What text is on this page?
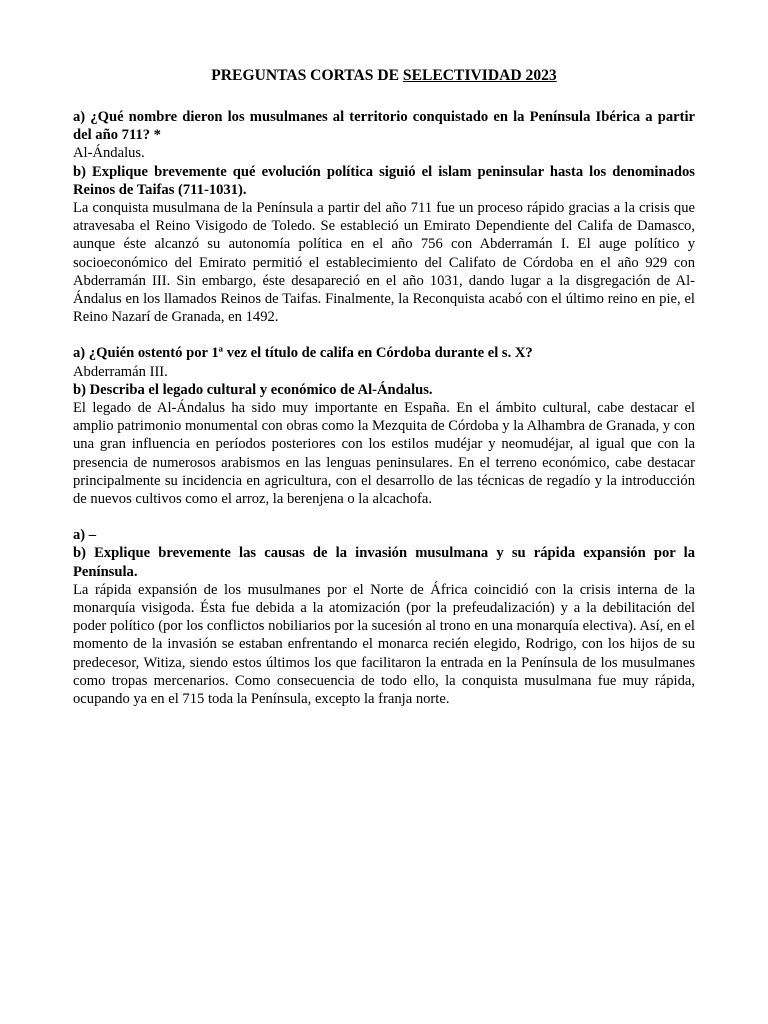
PREGUNTAS CORTAS DE SELECTIVIDAD 2023

a) ¿Qué nombre dieron los musulmanes al territorio conquistado en la Península Ibérica a partir del año 711? *

Al-Ándalus.

b) Explique brevemente qué evolución política siguió el islam peninsular hasta los denominados Reinos de Taifas (711-1031).

La conquista musulmana de la Península a partir del año 711 fue un proceso rápido gracias a la crisis que atravesaba el Reino Visigodo de Toledo. Se estableció un Emirato Dependiente del Califa de Damasco, aunque éste alcanzó su autonomía política en el año 756 con Abderramán I. El auge político y socioeconómico del Emirato permitió el establecimiento del Califato de Córdoba en el año 929 con Abderramán III. Sin embargo, éste desapareció en el año 1031, dando lugar a la disgregación de Al-Ándalus en los llamados Reinos de Taifas. Finalmente, la Reconquista acabó con el último reino en pie, el Reino Nazarí de Granada, en 1492.

a) ¿Quién ostentó por 1ª vez el título de califa en Córdoba durante el s. X?

Abderramán III.

b) Describa el legado cultural y económico de Al-Ándalus.

El legado de Al-Ándalus ha sido muy importante en España. En el ámbito cultural, cabe destacar el amplio patrimonio monumental con obras como la Mezquita de Córdoba y la Alhambra de Granada, y con una gran influencia en períodos posteriores con los estilos mudéjar y neomudéjar, al igual que con la presencia de numerosos arabismos en las lenguas peninsulares. En el terreno económico, cabe destacar principalmente su incidencia en agricultura, con el desarrollo de las técnicas de regadío y la introducción de nuevos cultivos como el arroz, la berenjena o la alcachofa.

a) –

b) Explique brevemente las causas de la invasión musulmana y su rápida expansión por la Península.

La rápida expansión de los musulmanes por el Norte de África coincidió con la crisis interna de la monarquía visigoda. Ésta fue debida a la atomización (por la prefeudalización) y a la debilitación del poder político (por los conflictos nobiliarios por la sucesión al trono en una monarquía electiva). Así, en el momento de la invasión se estaban enfrentando el monarca recién elegido, Rodrigo, con los hijos de su predecesor, Witiza, siendo estos últimos los que facilitaron la entrada en la Península de los musulmanes como tropas mercenarios. Como consecuencia de todo ello, la conquista musulmana fue muy rápida, ocupando ya en el 715 toda la Península, excepto la franja norte.
